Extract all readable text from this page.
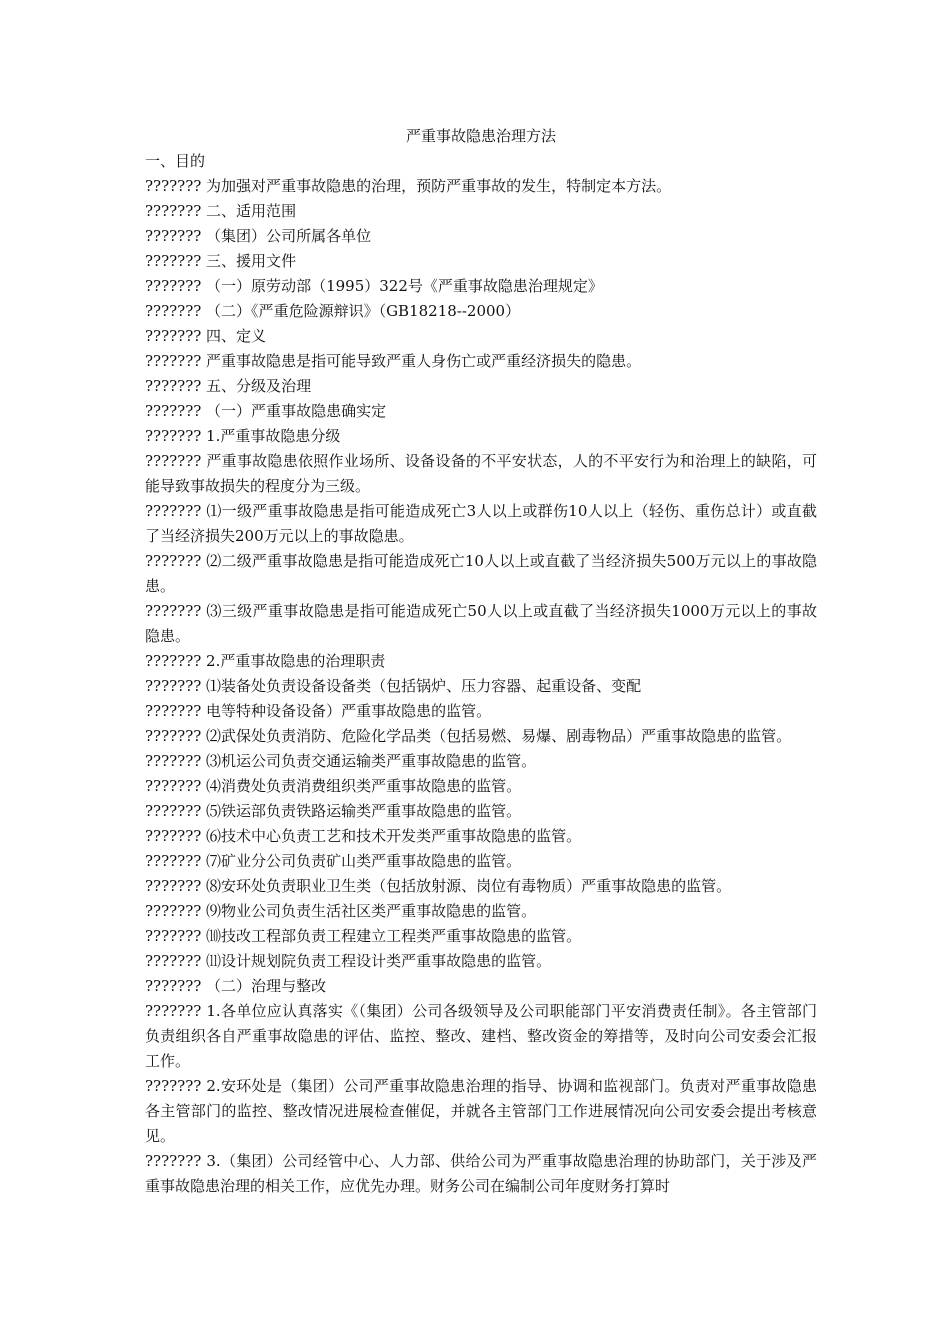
严重事故隐患治理方法

一、目的

??????? 为加强对严重事故隐患的治理，预防严重事故的发生，特制定本方法。

??????? 二、适用范围

??????? （集团）公司所属各单位

??????? 三、援用文件

??????? （一）原劳动部（1995）322号《严重事故隐患治理规定》

??????? （二）《严重危险源辩识》（GB18218--2000）

??????? 四、定义

??????? 严重事故隐患是指可能导致严重人身伤亡或严重经济损失的隐患。

??????? 五、分级及治理

??????? （一）严重事故隐患确实定

??????? 1.严重事故隐患分级

??????? 严重事故隐患依照作业场所、设备设备的不平安状态，人的不平安行为和治理上的缺陷，可能导致事故损失的程度分为三级。

??????? ⑴一级严重事故隐患是指可能造成死亡3人以上或群伤10人以上（轻伤、重伤总计）或直截了当经济损失200万元以上的事故隐患。

??????? ⑵二级严重事故隐患是指可能造成死亡10人以上或直截了当经济损失500万元以上的事故隐患。

??????? ⑶三级严重事故隐患是指可能造成死亡50人以上或直截了当经济损失1000万元以上的事故隐患。

??????? 2.严重事故隐患的治理职责

??????? ⑴装备处负责设备设备类（包括锅炉、压力容器、起重设备、变配

??????? 电等特种设备设备）严重事故隐患的监管。

??????? ⑵武保处负责消防、危险化学品类（包括易燃、易爆、剧毒物品）严重事故隐患的监管。

??????? ⑶机运公司负责交通运输类严重事故隐患的监管。

??????? ⑷消费处负责消费组织类严重事故隐患的监管。

??????? ⑸铁运部负责铁路运输类严重事故隐患的监管。

??????? ⑹技术中心负责工艺和技术开发类严重事故隐患的监管。

??????? ⑺矿业分公司负责矿山类严重事故隐患的监管。

??????? ⑻安环处负责职业卫生类（包括放射源、岗位有毒物质）严重事故隐患的监管。

??????? ⑼物业公司负责生活社区类严重事故隐患的监管。

??????? ⑽技改工程部负责工程建立工程类严重事故隐患的监管。

??????? ⑾设计规划院负责工程设计类严重事故隐患的监管。

??????? （二）治理与整改

??????? 1.各单位应认真落实《（集团）公司各级领导及公司职能部门平安消费责任制》。各主管部门负责组织各自严重事故隐患的评估、监控、整改、建档、整改资金的筹措等，及时向公司安委会汇报工作。

??????? 2.安环处是（集团）公司严重事故隐患治理的指导、协调和监视部门。负责对严重事故隐患各主管部门的监控、整改情况进展检查催促，并就各主管部门工作进展情况向公司安委会提出考核意见。

??????? 3.（集团）公司经管中心、人力部、供给公司为严重事故隐患治理的协助部门，关于涉及严重事故隐患治理的相关工作，应优先办理。财务公司在编制公司年度财务打算时
